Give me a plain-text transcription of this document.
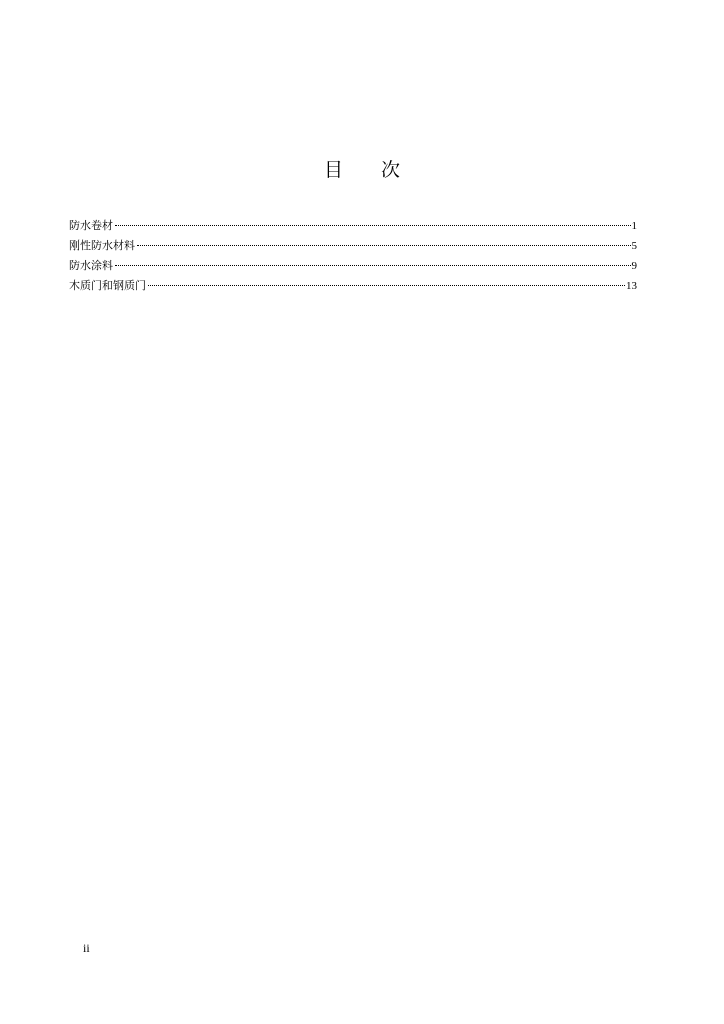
目 次
防水卷材	1
刚性防水材料	5
防水涂料	9
木质门和钢质门	13
ii
